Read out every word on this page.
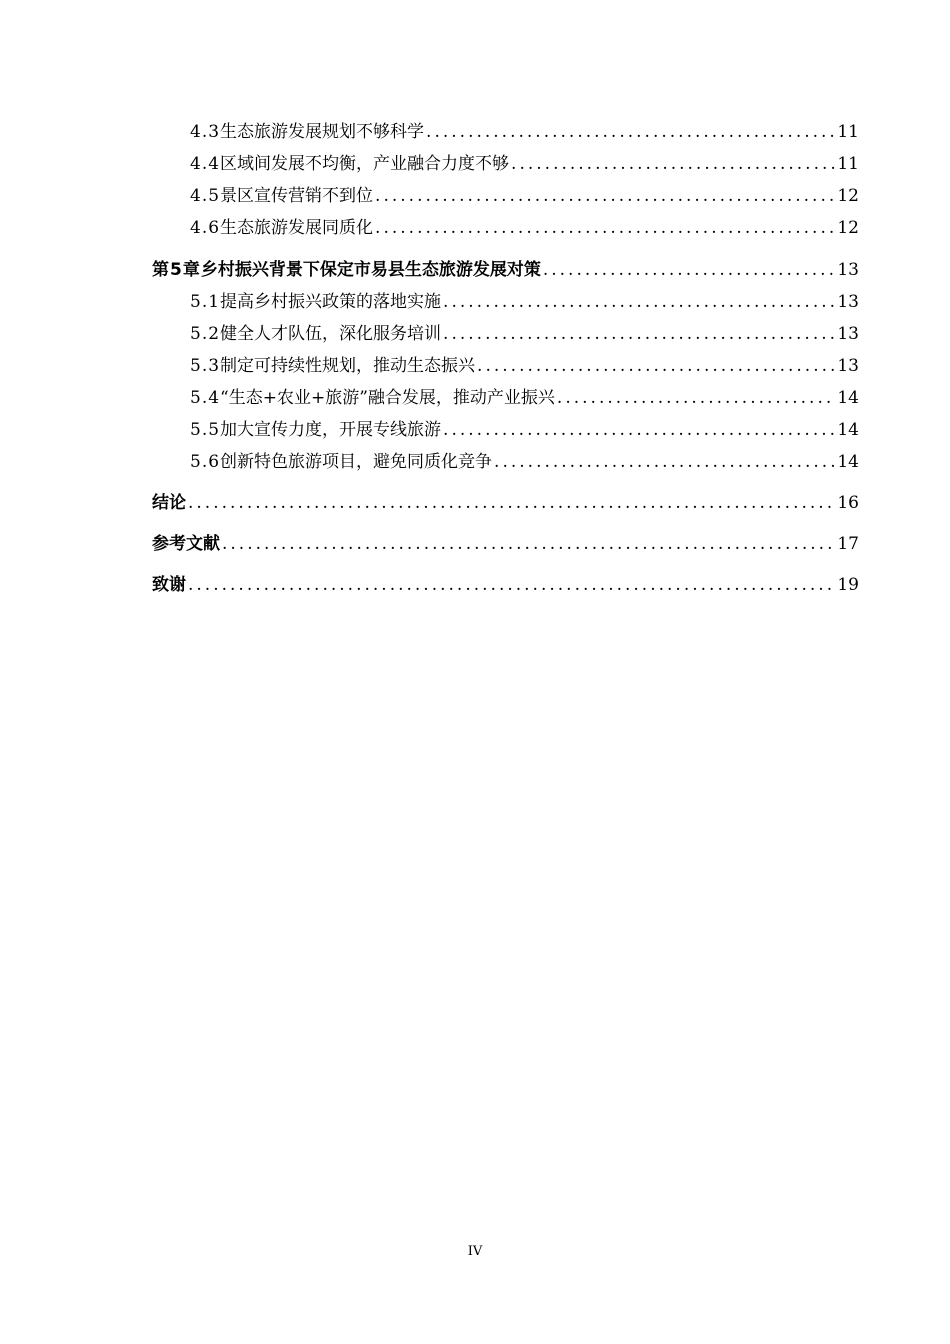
4.3 生态旅游发展规划不够科学 .....	11
4.4 区域间发展不均衡，产业融合力度不够 .....	11
4.5 景区宣传营销不到位 .....	12
4.6 生态旅游发展同质化 .....	12
第5章 乡村振兴背景下保定市易县生态旅游发展对策 .....	13
5.1 提高乡村振兴政策的落地实施 .....	13
5.2 健全人才队伍，深化服务培训 .....	13
5.3 制定可持续性规划，推动生态振兴 .....	13
5.4 “生态+农业+旅游”融合发展，推动产业振兴 .....	14
5.5 加大宣传力度，开展专线旅游 .....	14
5.6 创新特色旅游项目，避免同质化竞争 .....	14
结论 .....	16
参考文献 .....	17
致谢 .....	19
IV
